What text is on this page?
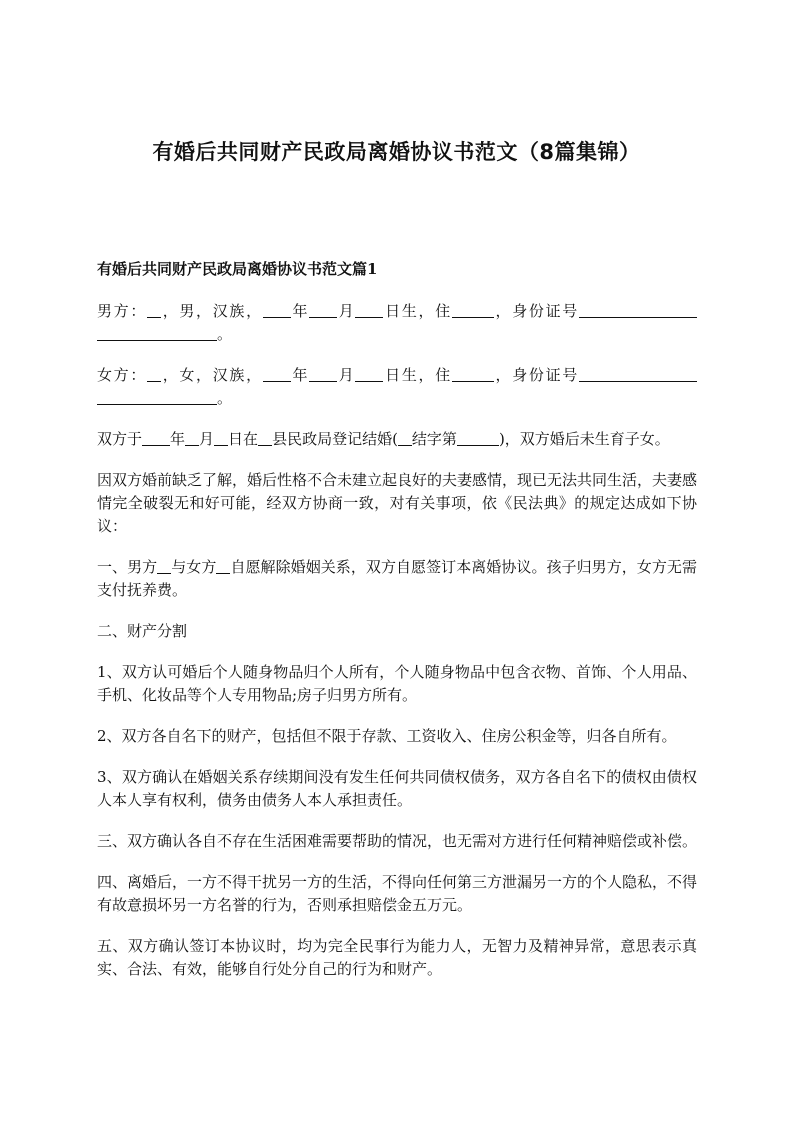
有婚后共同财产民政局离婚协议书范文（8篇集锦）
有婚后共同财产民政局离婚协议书范文篇1

男方： ，男，汉族， 年 月 日生，住	，身份证号。

女方： ，女，汉族， 年 月 日生，住	，身份证号。

双方于 年 月 日在 县民政局登记结婚( 结字第	)，双方婚后未生育子女。

因双方婚前缺乏了解，婚后性格不合未建立起良好的夫妻感情，现已无法共同生活，夫妻感情完全破裂无和好可能，经双方协商一致，对有关事项，依《民法典》的规定达成如下协议：

一、男方 与女方 自愿解除婚姻关系，双方自愿签订本离婚协议。孩子归男方，女方无需支付抚养费。

二、财产分割

1、双方认可婚后个人随身物品归个人所有，个人随身物品中包含衣物、首饰、个人用品、手机、化妆品等个人专用物品;房子归男方所有。

2、双方各自名下的财产，包括但不限于存款、工资收入、住房公积金等，归各自所有。

3、双方确认在婚姻关系存续期间没有发生任何共同债权债务，双方各自名下的债权由债权人本人享有权利，债务由债务人本人承担责任。

三、双方确认各自不存在生活困难需要帮助的情况，也无需对方进行任何精神赔偿或补偿。

四、离婚后，一方不得干扰另一方的生活，不得向任何第三方泄漏另一方的个人隐私，不得有故意损坏另一方名誉的行为，否则承担赔偿金五万元。

五、双方确认签订本协议时，均为完全民事行为能力人，无智力及精神异常，意思表示真实、合法、有效，能够自行处分自己的行为和财产。
